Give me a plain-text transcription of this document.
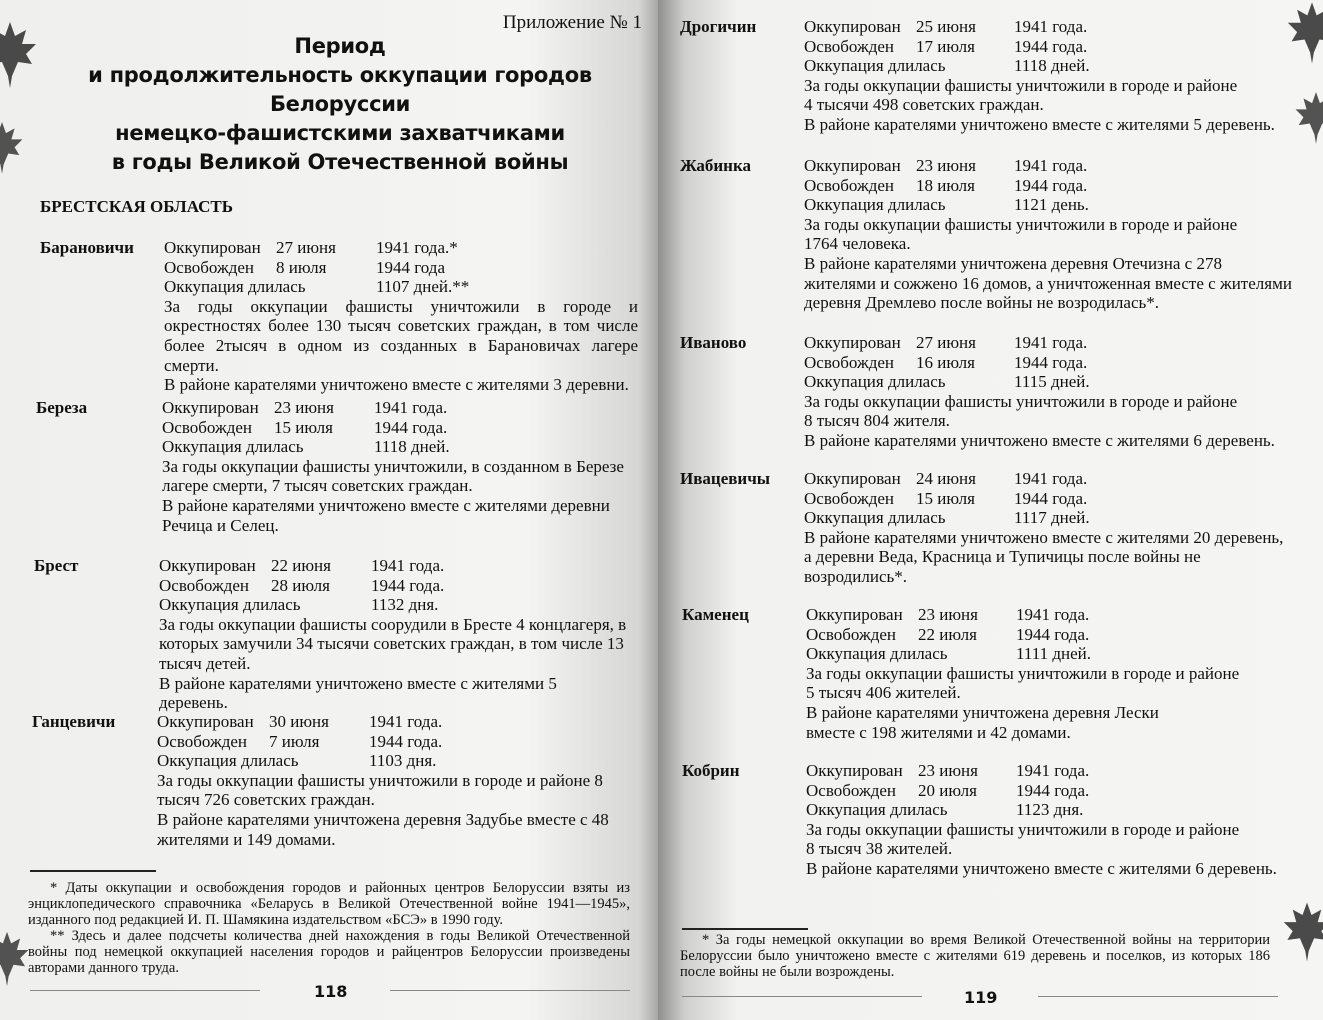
Приложение № 1
Период
и продолжительность оккупации городов Белоруссии
немецко-фашистскими захватчиками
в годы Великой Отечественной войны
БРЕСТСКАЯ ОБЛАСТЬ
Барановичи Оккупирован 27 июня 1941 года.*
Освобожден 8 июля	1944 года
Оккупация длилась	1107 дней.**
За годы оккупации фашисты уничтожили в городе и окрестностях более 130 тысяч советских граждан, в том числе более 2тысяч в одном из созданных в Барановичах лагере смерти.
В районе карателями уничтожено вместе с жителями 3 деревни.
Береза	Оккупирован 23 июня 1941 года.
Освобожден 15 июля 1944 года.
Оккупация длилась	1118 дней.
За годы оккупации фашисты уничтожили, в созданном в Березе лагере смерти, 7 тысяч советских граждан.
В районе карателями уничтожено вместе с жителями деревни Речица и Селец.
Брест	Оккупирован 22 июня 1941 года.
Освобожден 28 июля 1944 года.
Оккупация длилась	1132 дня.
За годы оккупации фашисты соорудили в Бресте 4 концлагеря, в которых замучили 34 тысячи советских граждан, в том числе 13 тысяч детей.
В районе карателями уничтожено вместе с жителями 5 деревень.
Ганцевичи Оккупирован 30 июня 1941 года.
Освобожден 7 июля	1944 года.
Оккупация длилась	1103 дня.
За годы оккупации фашисты уничтожили в городе и районе 8 тысяч 726 советских граждан.
В районе карателями уничтожена деревня Задубье вместе с 48 жителями и 149 домами.

* Даты оккупации и освобождения городов и районных центров Белоруссии взяты из энциклопедического справочника «Беларусь в Великой Отечественной войне 1941—1945», изданного под редакцией И. П. Шамякина издательством «БСЭ» в 1990 году.

** Здесь и далее подсчеты количества дней нахождения в годы Великой Отечественной войны под немецкой оккупацией населения городов и райцентров Белоруссии произведены авторами данного труда.

118
Дрогичин	Оккупирован 25 июня 1941 года.
Освобожден 17 июля 1944 года.
Оккупация длилась	1118 дней.
За годы оккупации фашисты уничтожили в городе и районе 4 тысячи 498 советских граждан.
В районе карателями уничтожено вместе с жителями 5 деревень.
Жабинка	Оккупирован 23 июня 1941 года.
Освобожден 18 июля 1944 года.
Оккупация длилась	1121 день.
За годы оккупации фашисты уничтожили в городе и районе 1764 человека.
В районе карателями уничтожена деревня Отечизна с 278 жителями и сожжено 16 домов, а уничтоженная вместе с жителями деревня Дремлево после войны не возродилась*.
Иваново	Оккупирован 27 июня 1941 года.
Освобожден 16 июля 1944 года.
Оккупация длилась	1115 дней.
За годы оккупации фашисты уничтожили в городе и районе 8 тысяч 804 жителя.
В районе карателями уничтожено вместе с жителями 6 деревень.
Ивацевичы Оккупирован 24 июня 1941 года.
Освобожден 15 июля 1944 года.
Оккупация длилась	1117 дней.
В районе карателями уничтожено вместе с жителями 20 деревень, а деревни Веда, Красница и Тупичицы после войны не возродились*.
Каменец	Оккупирован 23 июня 1941 года.
Освобожден 22 июля 1944 года.
Оккупация длилась	1111 дней.
За годы оккупации фашисты уничтожили в городе и районе 5 тысяч 406 жителей.
В районе карателями уничтожена деревня Лески вместе с 198 жителями и 42 домами.
Кобрин	Оккупирован 23 июня 1941 года.
Освобожден 20 июля 1944 года.
Оккупация длилась	1123 дня.
За годы оккупации фашисты уничтожили в городе и районе 8 тысяч 38 жителей.
В районе карателями уничтожено вместе с жителями 6 деревень.

* За годы немецкой оккупации во время Великой Отечественной войны на территории Белоруссии было уничтожено вместе с жителями 619 деревень и поселков, из которых 186 после войны не были возрождены.

119
